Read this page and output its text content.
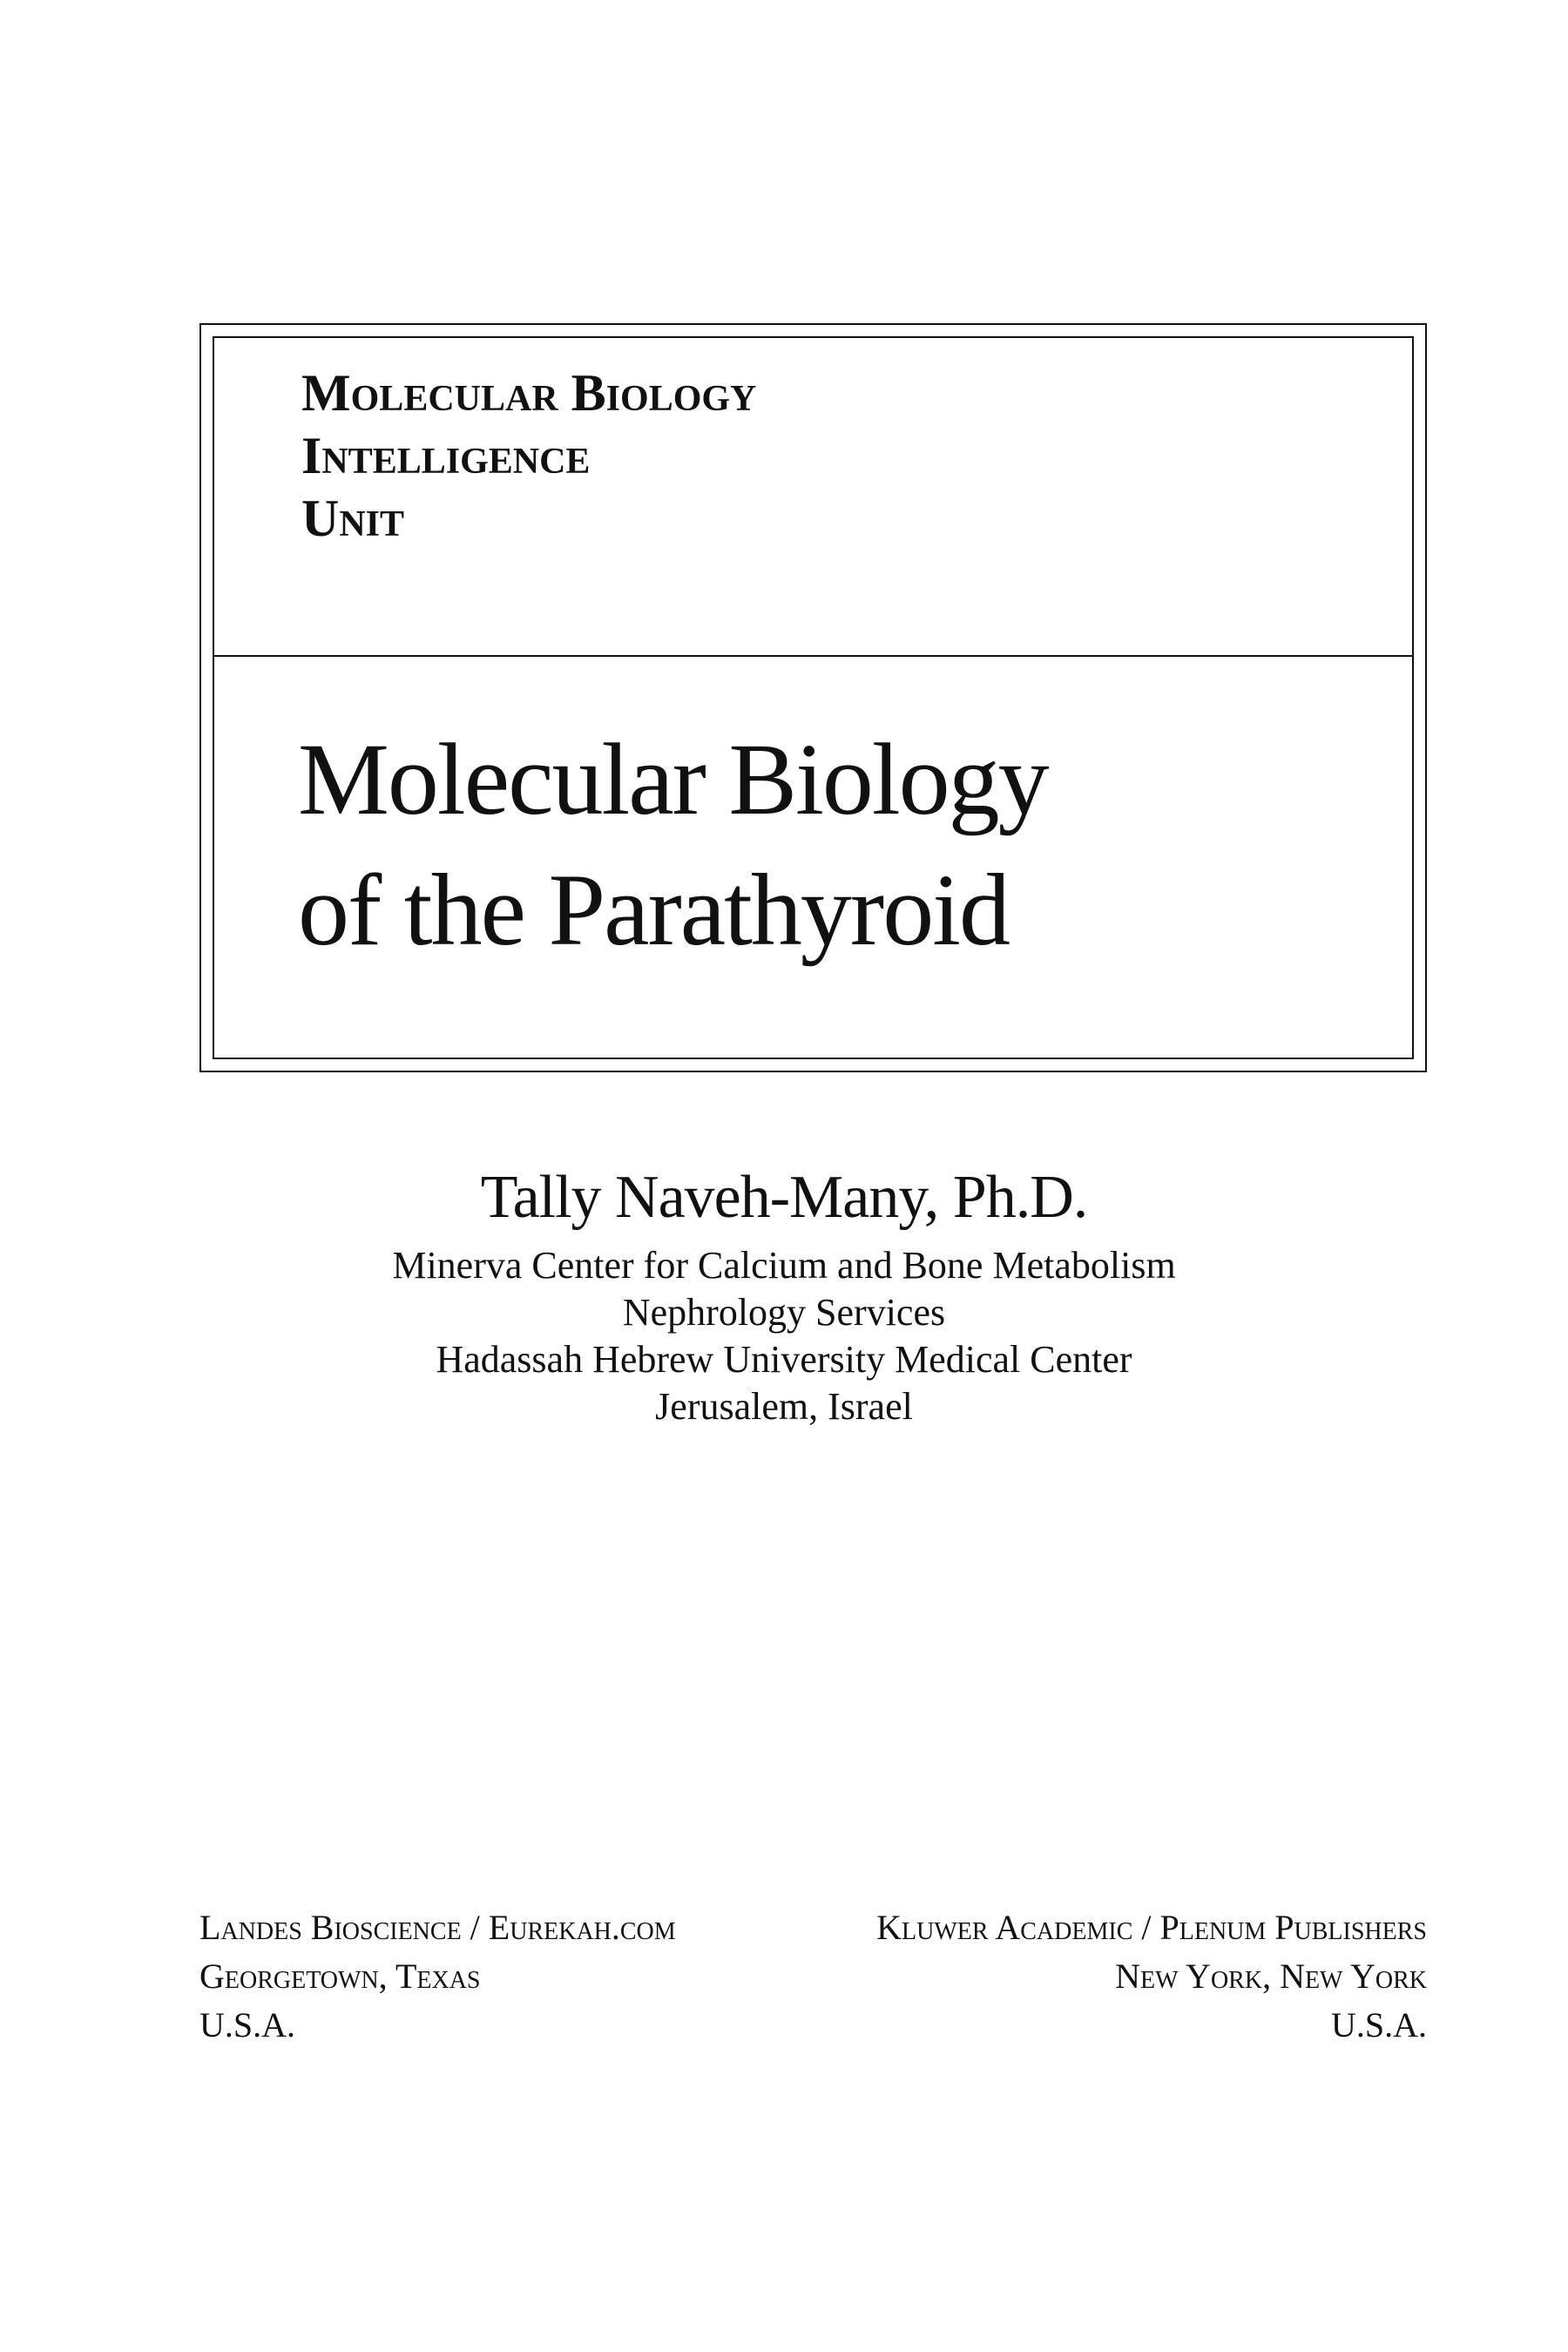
Molecular Biology
Intelligence
Unit
Molecular Biology
of the Parathyroid
Tally Naveh-Many, Ph.D.
Minerva Center for Calcium and Bone Metabolism
Nephrology Services
Hadassah Hebrew University Medical Center
Jerusalem, Israel
Landes Bioscience / Eurekah.com
Georgetown, Texas
U.S.A.
Kluwer Academic / Plenum Publishers
New York, New York
U.S.A.
